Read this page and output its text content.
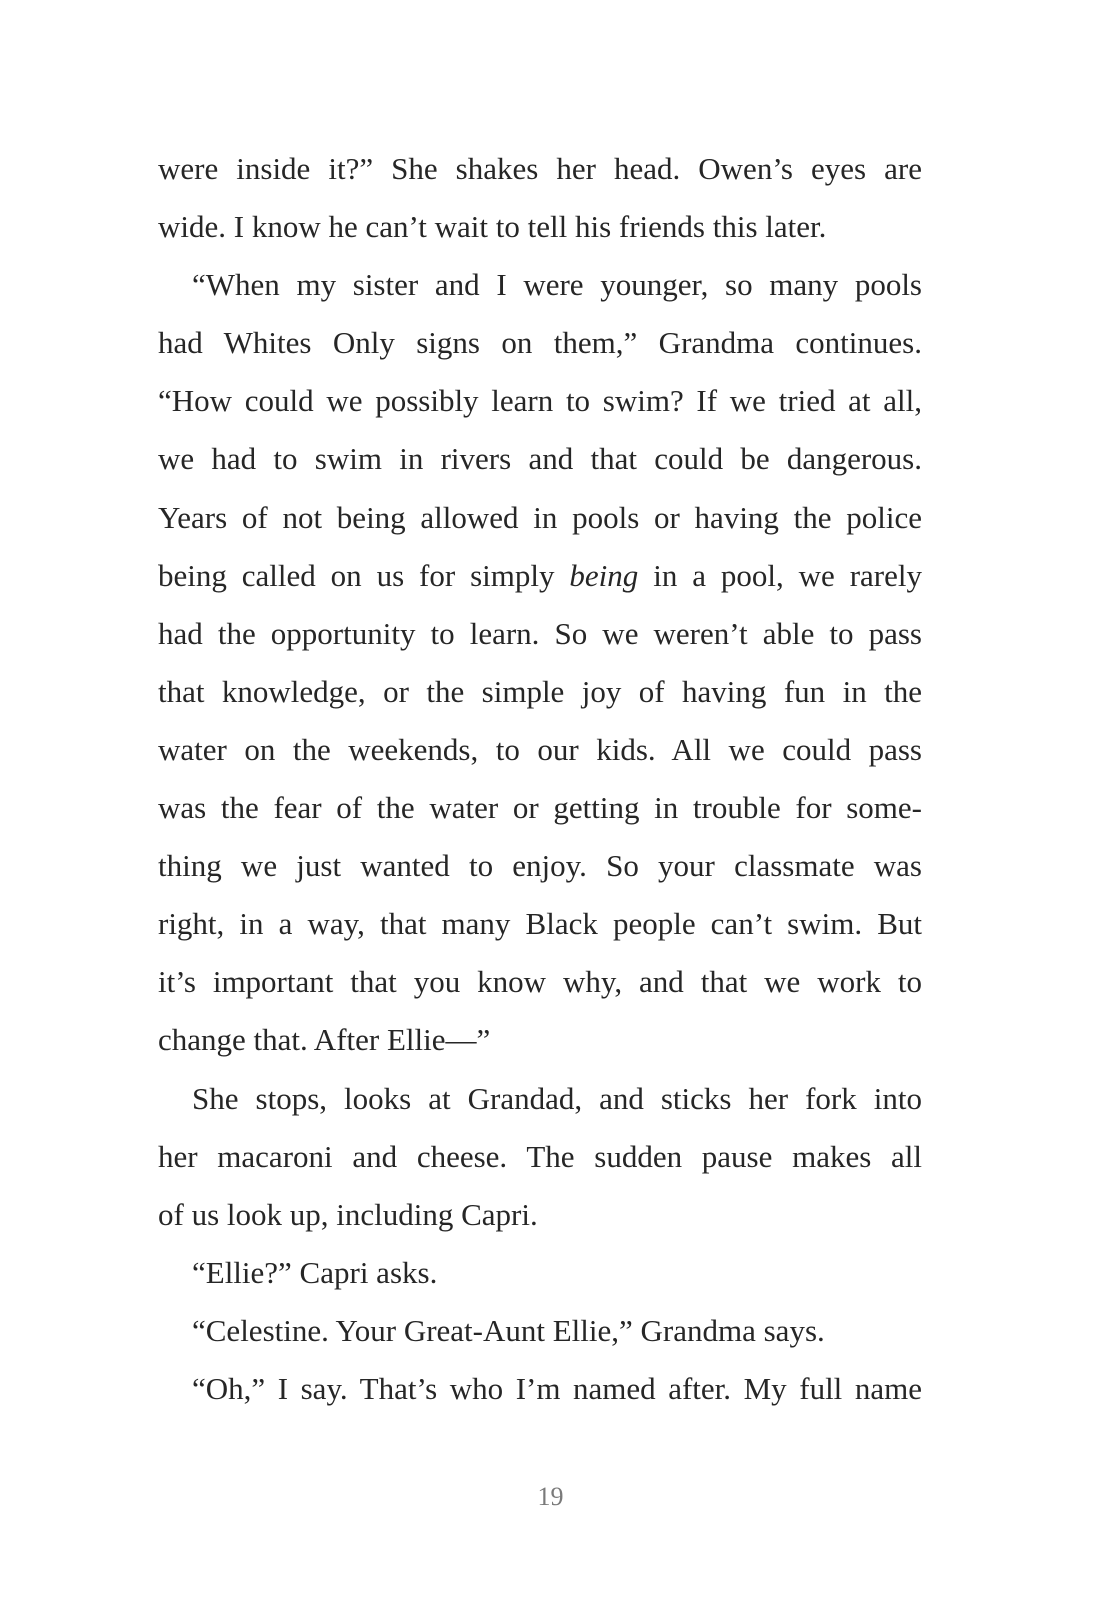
were inside it?” She shakes her head. Owen’s eyes are
wide. I know he can’t wait to tell his friends this later.
“When my sister and I were younger, so many pools
had Whites Only signs on them,” Grandma continues.
“How could we possibly learn to swim? If we tried at all,
we had to swim in rivers and that could be dangerous.
Years of not being allowed in pools or having the police
being called on us for simply being in a pool, we rarely
had the opportunity to learn. So we weren’t able to pass
that knowledge, or the simple joy of having fun in the
water on the weekends, to our kids. All we could pass
was the fear of the water or getting in trouble for some-
thing we just wanted to enjoy. So your classmate was
right, in a way, that many Black people can’t swim. But
it’s important that you know why, and that we work to
change that. After Ellie—”
She stops, looks at Grandad, and sticks her fork into
her macaroni and cheese. The sudden pause makes all
of us look up, including Capri.
“Ellie?” Capri asks.
“Celestine. Your Great-Aunt Ellie,” Grandma says.
“Oh,” I say. That’s who I’m named after. My full name
19
